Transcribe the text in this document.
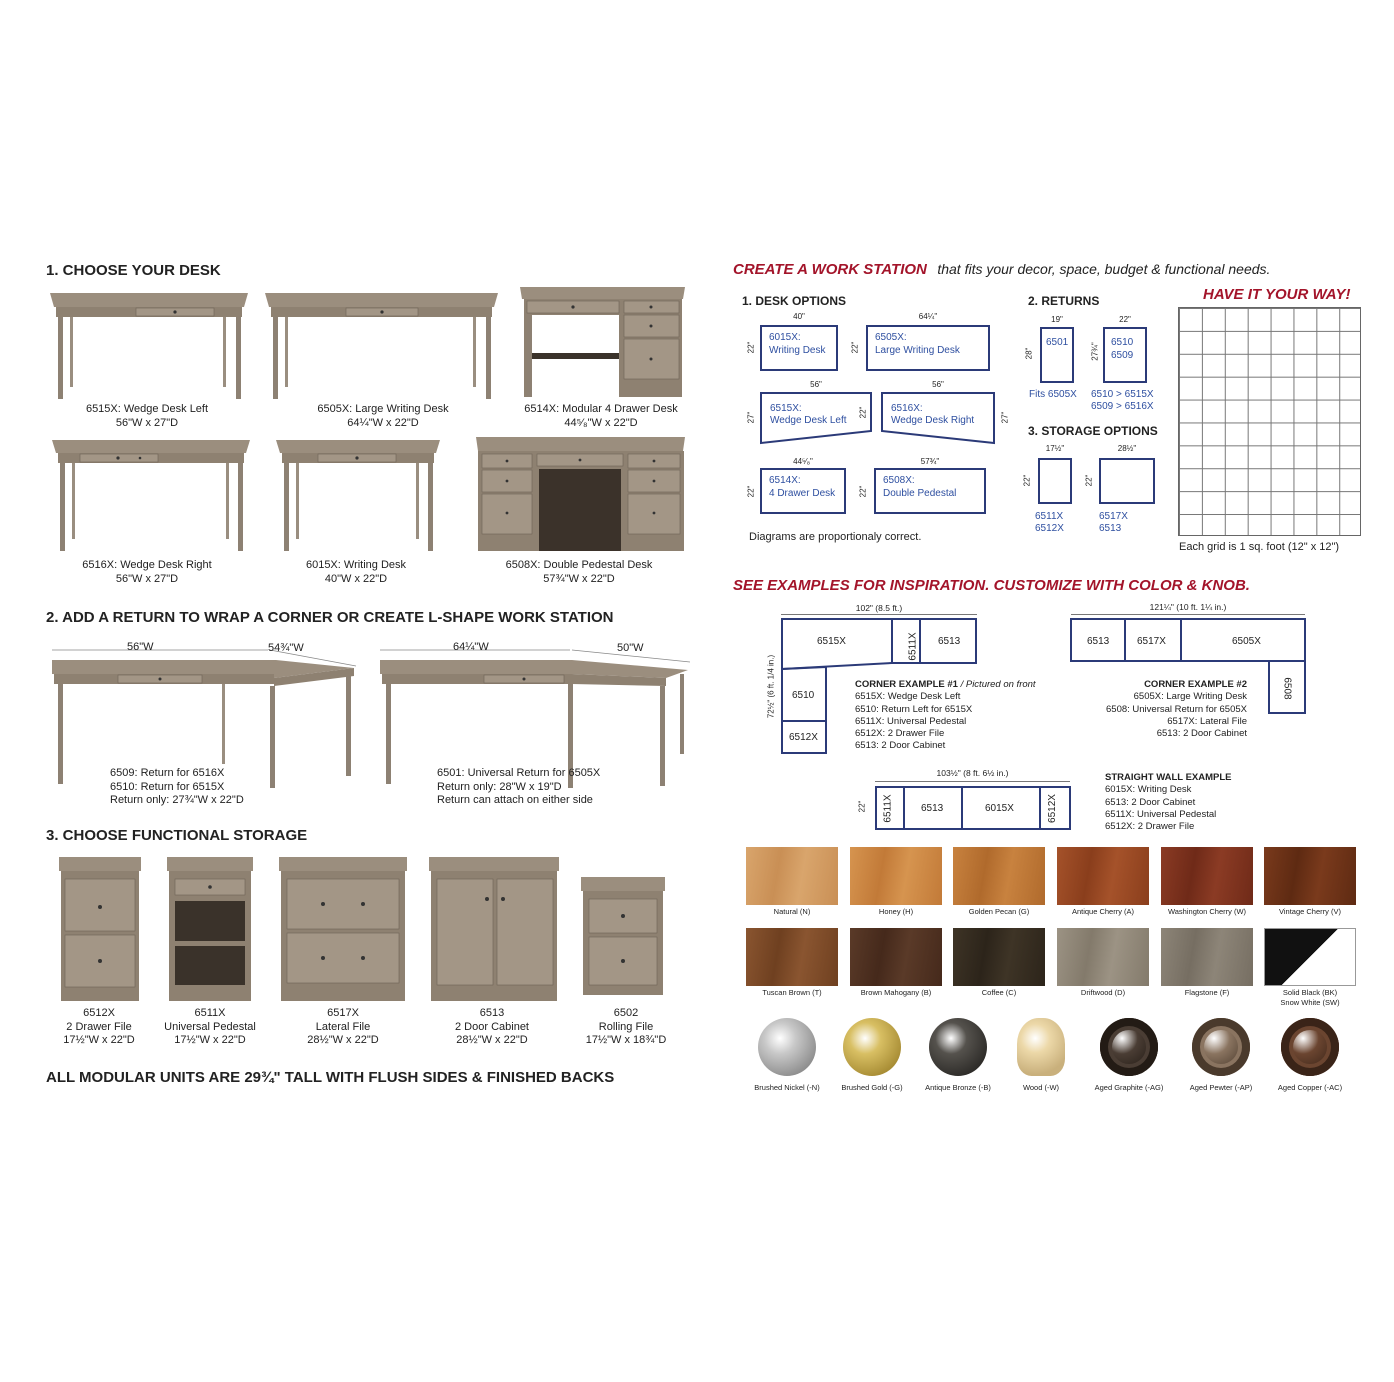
1. CHOOSE YOUR DESK
6515X: Wedge Desk Left
56"W x 27"D
6505X: Large Writing Desk
64¼"W x 22"D
6514X: Modular 4 Drawer Desk
44⁵⁄₈"W x 22"D
6516X: Wedge Desk Right
56"W x 27"D
6015X: Writing Desk
40"W x 22"D
6508X: Double Pedestal Desk
57¾"W x 22"D
2. ADD A RETURN TO WRAP A CORNER OR CREATE L-SHAPE WORK STATION
56"W	54¾"W	64¼"W	50"W
6509: Return for 6516X
6510: Return for 6515X
Return only: 27¾"W x 22"D
6501: Universal Return for 6505X
Return only: 28"W x 19"D
Return can attach on either side
3. CHOOSE FUNCTIONAL STORAGE
6512X
2 Drawer File
17½"W x 22"D
6511X
Universal Pedestal
17½"W x 22"D
6517X
Lateral File
28½"W x 22"D
6513
2 Door Cabinet
28½"W x 22"D
6502
Rolling File
17½"W x 18¾"D
ALL MODULAR UNITS ARE 29¾" TALL WITH FLUSH SIDES & FINISHED BACKS
CREATE A WORK STATION that fits your decor, space, budget & functional needs.
1. DESK OPTIONS
40"
22"
6015X:
Writing Desk
64¼"
22"
6505X:
Large Writing Desk
56"
27"
6515X:
Wedge Desk Left
56"
22"	27"
6516X:
Wedge Desk Right
44⁵⁄₈"
22"
6514X:
4 Drawer Desk
57¾"
22"
6508X:
Double Pedestal
Diagrams are proportionaly correct.
2. RETURNS
19"
28"
6501
Fits 6505X
22"
27¾" 6510
6509
6510 > 6515X
6509 > 6516X
3. STORAGE OPTIONS
17½"
22"
6511X
6512X
28½"
22"
6517X
6513
HAVE IT YOUR WAY!
Each grid is 1 sq. foot (12" x 12")
SEE EXAMPLES FOR INSPIRATION. CUSTOMIZE WITH COLOR & KNOB.
102" (8.5 ft.)
72½" (6 ft. 1/4 in.)
6515X	6511X 6513
6510
6512X
CORNER EXAMPLE #1 / Pictured on front
6515X: Wedge Desk Left
6510: Return Left for 6515X
6511X: Universal Pedestal
6512X: 2 Drawer File
6513: 2 Door Cabinet
121¼" (10 ft. 1¼ in.)
6513	6517X	6505X
6508
CORNER EXAMPLE #2
6505X: Large Writing Desk
6508: Universal Return for 6505X
6517X: Lateral File
6513: 2 Door Cabinet
103½" (8 ft. 6½ in.)
22" 6511X	6513	6015X	6512X
STRAIGHT WALL EXAMPLE
6015X: Writing Desk
6513: 2 Door Cabinet
6511X: Universal Pedestal
6512X: 2 Drawer File
Natural (N)	Honey (H)	Golden Pecan (G)	Antique Cherry (A)	Washington Cherry (W)	Vintage Cherry (V)
Tuscan Brown (T)	Brown Mahogany (B)	Coffee (C)	Driftwood (D)	Flagstone (F)	Solid Black (BK)
Snow White (SW)
Brushed Nickel (-N)	Brushed Gold (-G)	Antique Bronze (-B)	Wood (-W)	Aged Graphite (-AG)	Aged Pewter (-AP)	Aged Copper (-AC)
